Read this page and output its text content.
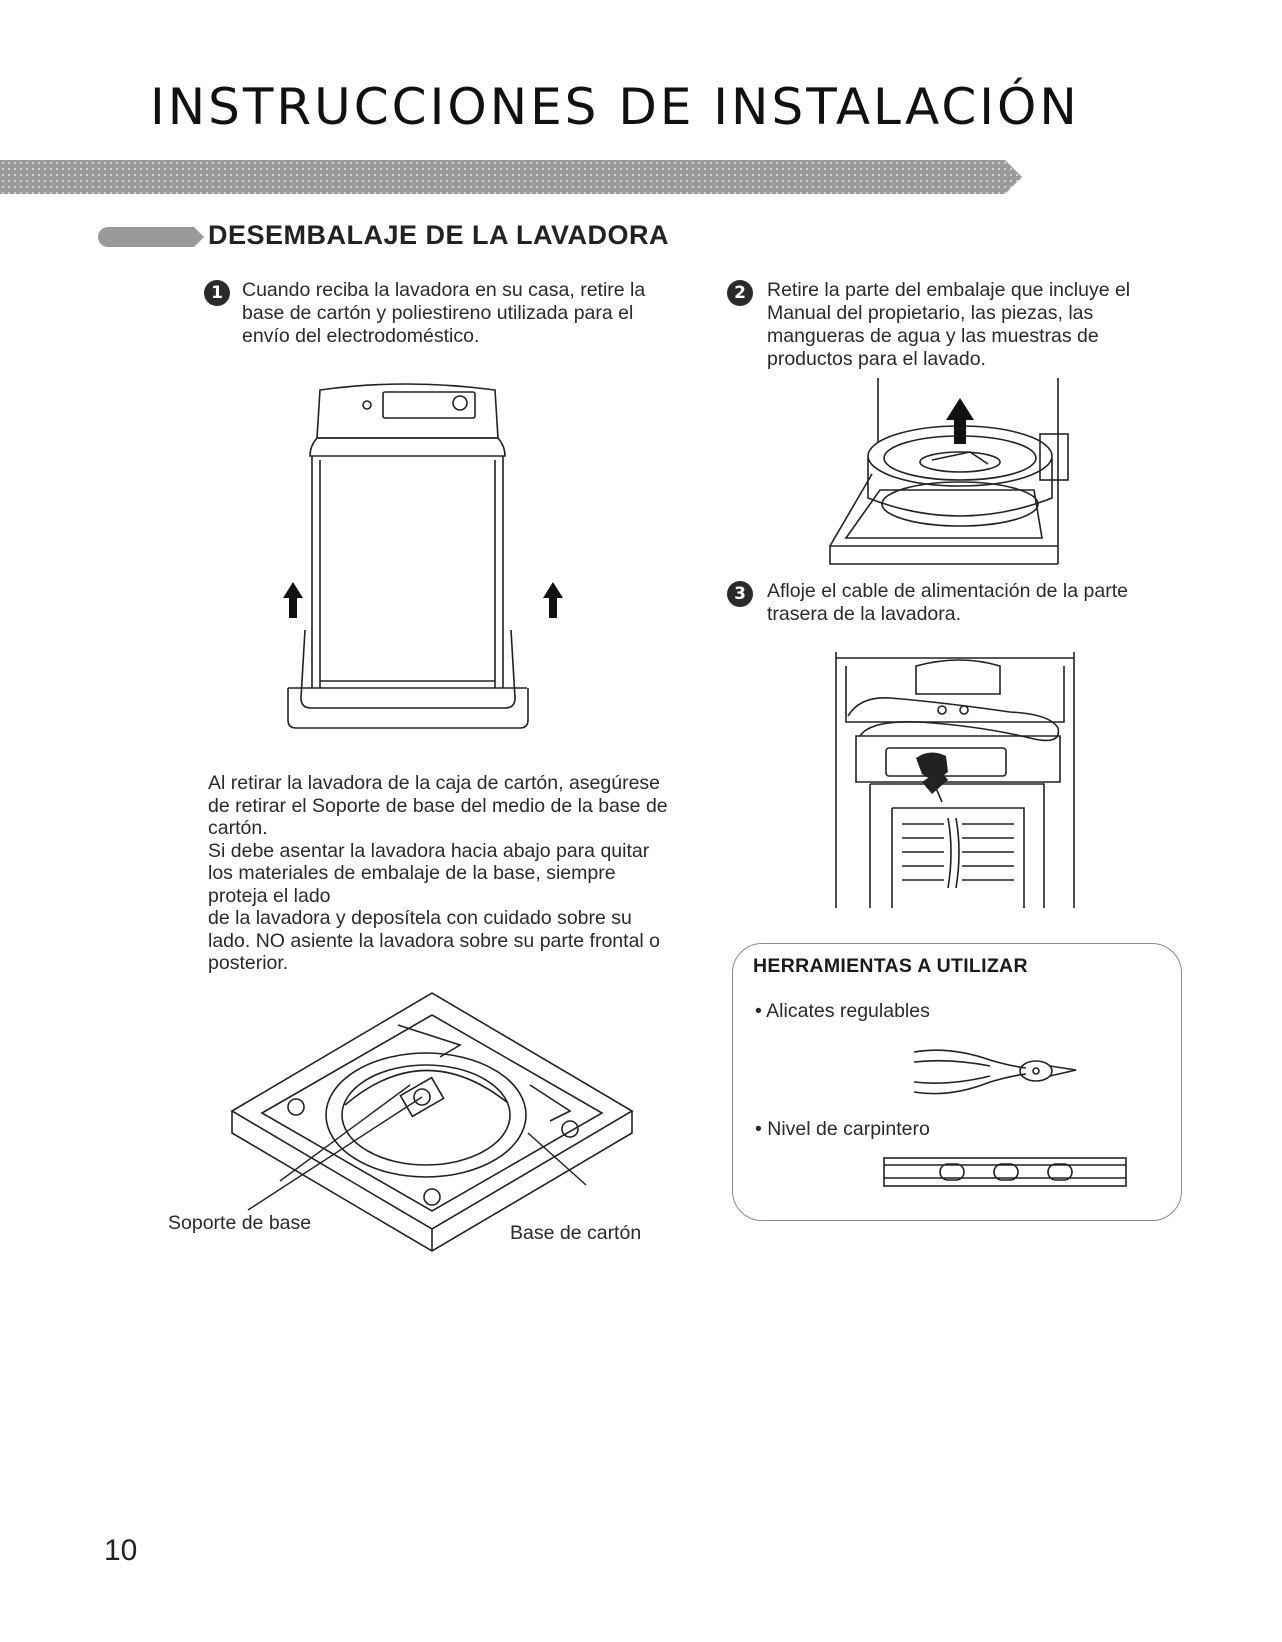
INSTRUCCIONES DE INSTALACIÓN
DESEMBALAJE DE LA LAVADORA
1 Cuando reciba la lavadora en su casa, retire la base de cartón y poliestireno utilizada para el envío del electrodoméstico.

Al retirar la lavadora de la caja de cartón, asegúrese de retirar el Soporte de base del medio de la base de cartón.

Si debe asentar la lavadora hacia abajo para quitar los materiales de embalaje de la base, siempre proteja el lado

de la lavadora y deposítela con cuidado sobre su lado. NO asiente la lavadora sobre su parte frontal o posterior.

Soporte de base	Base de cartón
2	Retire la parte del embalaje que incluye el Manual del propietario, las piezas, las mangueras de agua y las muestras de productos para el lavado.
3	Afloje el cable de alimentación de la parte trasera de la lavadora.
HERRAMIENTAS A UTILIZAR
• Alicates regulables
• Nivel de carpintero
10
